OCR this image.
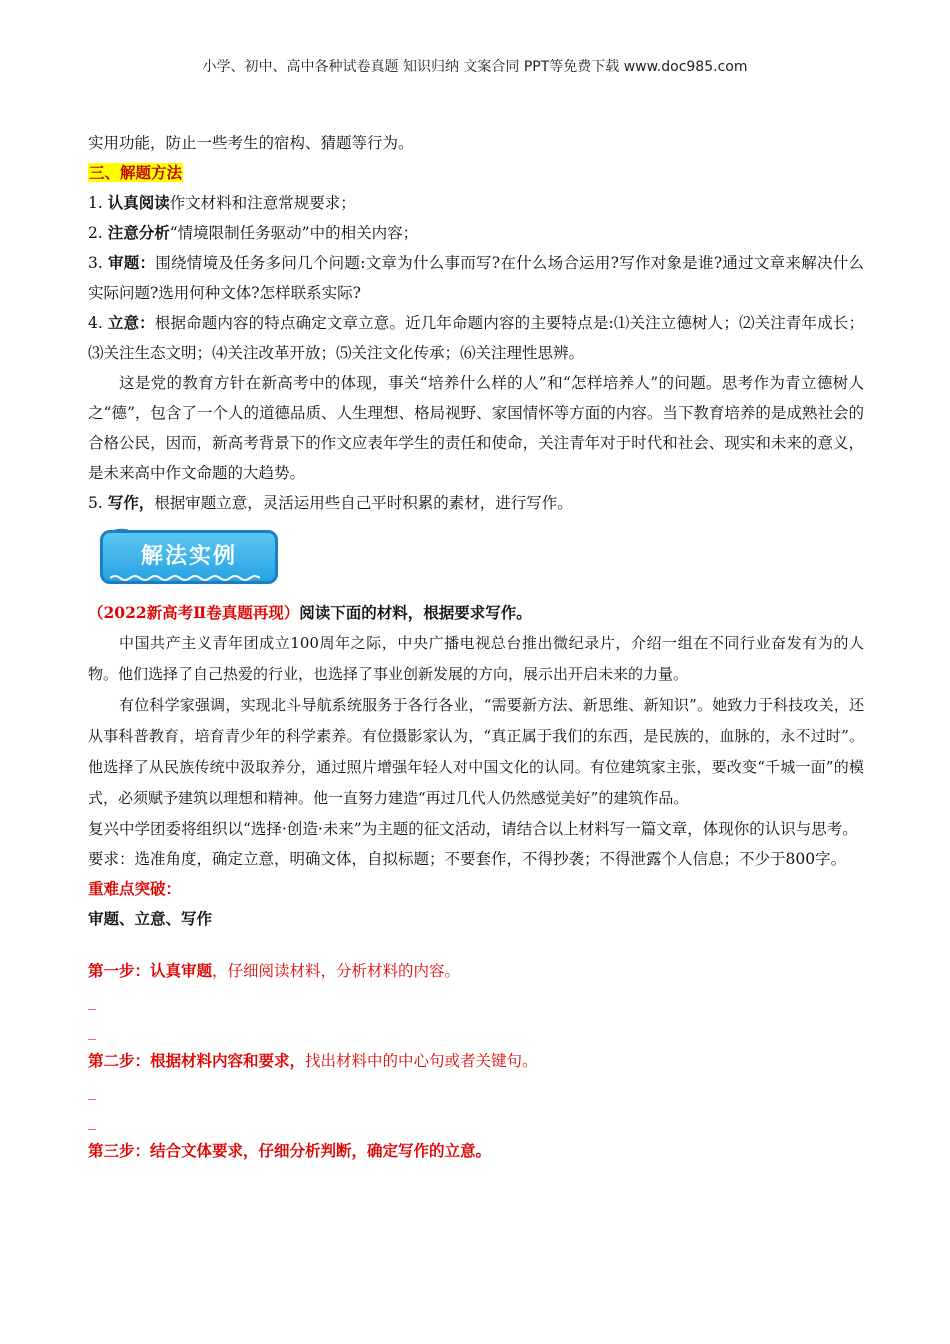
小学、初中、高中各种试卷真题 知识归纳 文案合同 PPT等免费下载 www.doc985.com
实用功能，防止一些考生的宿构、猜题等行为。
三、解题方法
1. 认真阅读作文材料和注意常规要求；
2. 注意分析“情境限制任务驱动”中的相关内容；
3. 审题：围绕情境及任务多问几个问题:文章为什么事而写?在什么场合运用?写作对象是谁?通过文章来解决什么实际问题?选用何种文体?怎样联系实际?
4. 立意：根据命题内容的特点确定文章立意。近几年命题内容的主要特点是:⑴关注立德树人；⑵关注青年成长；⑶关注生态文明；⑷关注改革开放；⑸关注文化传承；⑹关注理性思辨。
这是党的教育方针在新高考中的体现，事关“培养什么样的人”和“怎样培养人”的问题。思考作为青立德树人之“德”，包含了一个人的道德品质、人生理想、格局视野、家国情怀等方面的内容。当下教育培养的是成熟社会的合格公民，因而，新高考背景下的作文应表年学生的责任和使命，关注青年对于时代和社会、现实和未来的意义，是未来高中作文命题的大趋势。
5. 写作，根据审题立意，灵活运用些自己平时积累的素材，进行写作。
解法实例
（2022新高考Ⅱ卷真题再现）阅读下面的材料，根据要求写作。
中国共产主义青年团成立100周年之际，中央广播电视总台推出微纪录片，介绍一组在不同行业奋发有为的人物。他们选择了自己热爱的行业，也选择了事业创新发展的方向，展示出开启未来的力量。
有位科学家强调，实现北斗导航系统服务于各行各业，“需要新方法、新思维、新知识”。她致力于科技攻关，还从事科普教育，培育青少年的科学素养。有位摄影家认为，“真正属于我们的东西，是民族的，血脉的，永不过时”。他选择了从民族传统中汲取养分，通过照片增强年轻人对中国文化的认同。有位建筑家主张，要改变“千城一面”的模式，必须赋予建筑以理想和精神。他一直努力建造“再过几代人仍然感觉美好”的建筑作品。
复兴中学团委将组织以“选择·创造·未来”为主题的征文活动，请结合以上材料写一篇文章，体现你的认识与思考。
要求：选准角度，确定立意，明确文体，自拟标题；不要套作，不得抄袭；不得泄露个人信息；不少于800字。
重难点突破：
审题、立意、写作
第一步：认真审题，仔细阅读材料，分析材料的内容。
_
_
第二步：根据材料内容和要求，找出材料中的中心句或者关键句。
_
_
第三步：结合文体要求，仔细分析判断，确定写作的立意。
